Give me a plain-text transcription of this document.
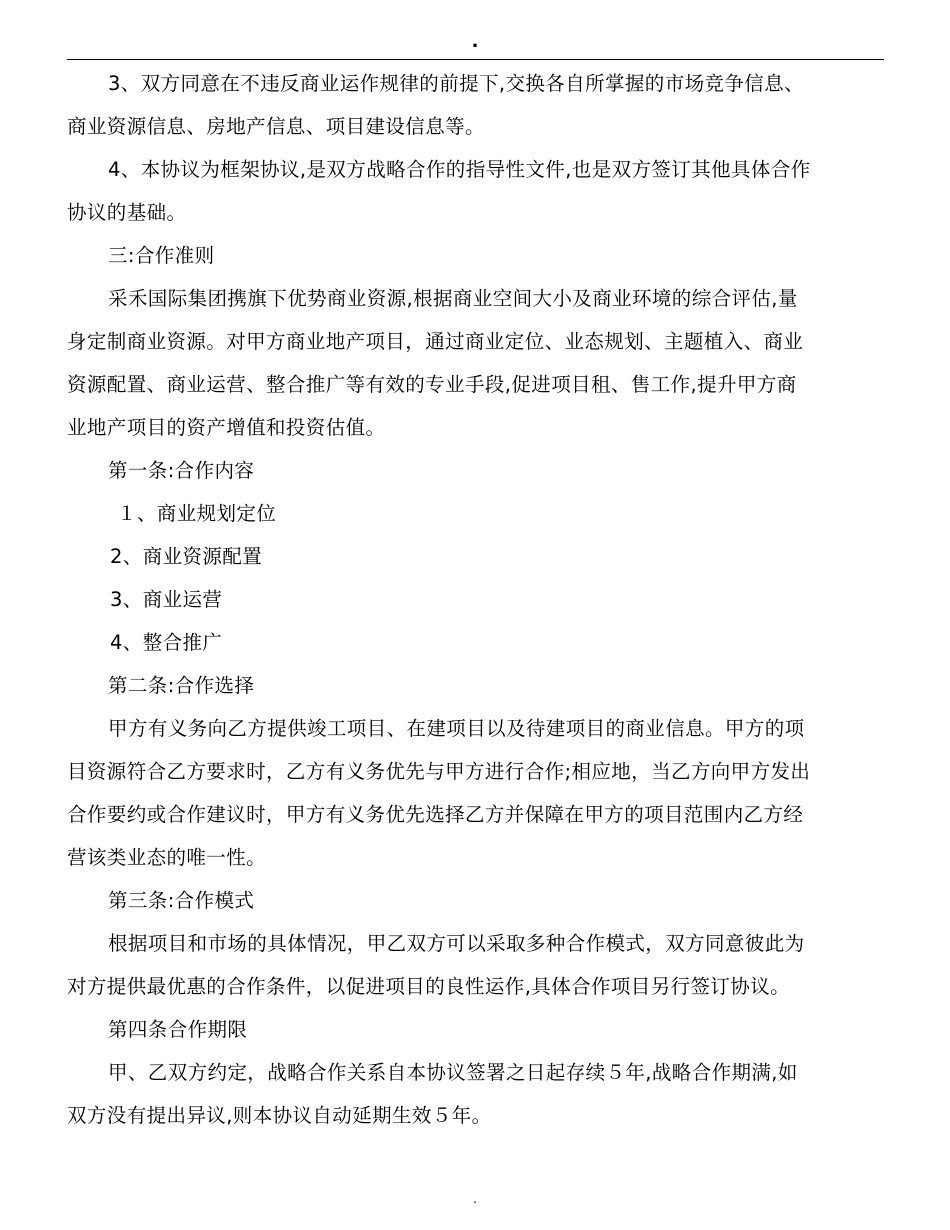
.

3、双方同意在不违反商业运作规律的前提下,交换各自所掌握的市场竞争信息、
商业资源信息、房地产信息、项目建设信息等。

4、本协议为框架协议,是双方战略合作的指导性文件,也是双方签订其他具体合作
协议的基础。

三:合作准则

采禾国际集团携旗下优势商业资源,根据商业空间大小及商业环境的综合评估,量
身定制商业资源。对甲方商业地产项目，通过商业定位、业态规划、主题植入、商业
资源配置、商业运营、整合推广等有效的专业手段,促进项目租、售工作,提升甲方商
业地产项目的资产增值和投资估值。

第一条:合作内容

１、商业规划定位

2、商业资源配置

3、商业运营

4、整合推广

第二条:合作选择

甲方有义务向乙方提供竣工项目、在建项目以及待建项目的商业信息。甲方的项
目资源符合乙方要求时，乙方有义务优先与甲方进行合作;相应地，当乙方向甲方发出
合作要约或合作建议时，甲方有义务优先选择乙方并保障在甲方的项目范围内乙方经
营该类业态的唯一性。

第三条:合作模式

根据项目和市场的具体情况，甲乙双方可以采取多种合作模式，双方同意彼此为
对方提供最优惠的合作条件，以促进项目的良性运作,具体合作项目另行签订协议。

第四条合作期限

甲、乙双方约定，战略合作关系自本协议签署之日起存续５年,战略合作期满,如
双方没有提出异议,则本协议自动延期生效５年。

.
